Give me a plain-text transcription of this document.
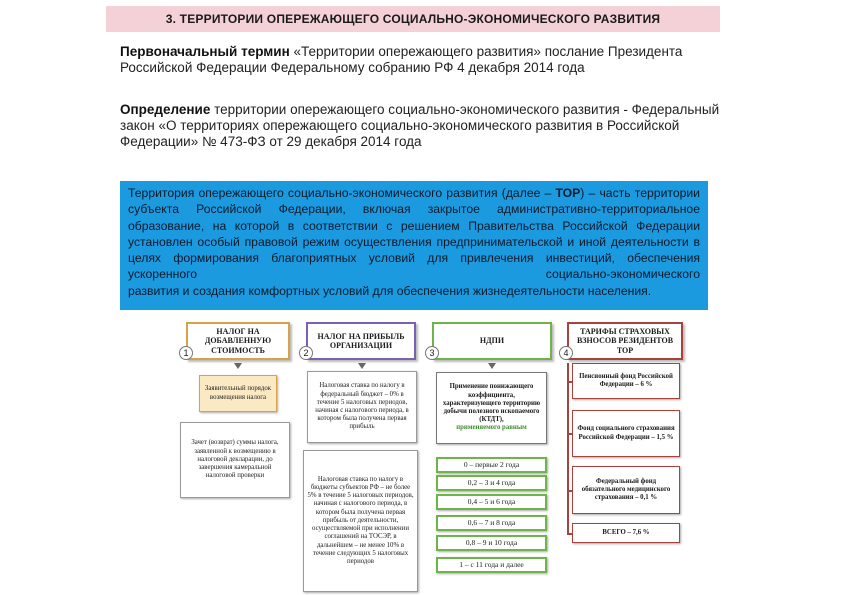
3. ТЕРРИТОРИИ ОПЕРЕЖАЮЩЕГО СОЦИАЛЬНО-ЭКОНОМИЧЕСКОГО РАЗВИТИЯ
Первоначальный термин «Территории опережающего развития» послание Президента Российской Федерации Федеральному собранию РФ 4 декабря 2014 года
Определение территории опережающего социально-экономического развития - Федеральный закон «О территориях опережающего социально-экономического развития в Российской Федерации» № 473-ФЗ от 29 декабря 2014 года
Территория опережающего социально-экономического развития (далее – ТОР) – часть территории субъекта Российской Федерации, включая закрытое административно-территориальное образование, на которой в соответствии с решением Правительства Российской Федерации установлен особый правовой режим осуществления предпринимательской и иной деятельности в целях формирования благоприятных условий для привлечения инвестиций, обеспечения ускоренного социально-экономического
развития и создания комфортных условий для обеспечения жизнедеятельности населения.
НАЛОГ НА ДОБАВЛЕННУЮ СТОИМОСТЬ
1
Заявительный порядок возмещения налога
Зачет (возврат) суммы налога, заявленной к возмещению в налоговой декларации, до завершения камеральной налоговой проверки
НАЛОГ НА ПРИБЫЛЬ ОРГАНИЗАЦИИ
2
Налоговая ставка по налогу в федеральный бюджет – 0% в течение 5 налоговых периодов, начиная с налогового периода, в котором была получена первая прибыль
Налоговая ставка по налогу в бюджеты субъектов РФ – не более 5% в течение 5 налоговых периодов, начиная с налогового периода, в котором была получена первая прибыль от деятельности, осуществляемой при исполнении соглашений на ТОСЭР, в дальнейшем – не менее 10% в течение следующих 5 налоговых периодов
НДПИ
3
Применение понижающего коэффициента, характеризующего территорию добычи полезного ископаемого (КТДТ),
применяемого равным
0 – первые 2 года
0,2 – 3 и 4 года
0,4 – 5 и 6 года
0,6 – 7 и 8 года
0,8 – 9 и 10 года
1 – с 11 года и далее
ТАРИФЫ СТРАХОВЫХ ВЗНОСОВ РЕЗИДЕНТОВ ТОР
4
Пенсионный фонд Российской Федерации – 6 %
Фонд социального страхования Российской Федерации – 1,5 %
Федеральный фонд обязательного медицинского страхования – 0,1 %
ВСЕГО – 7,6 %
